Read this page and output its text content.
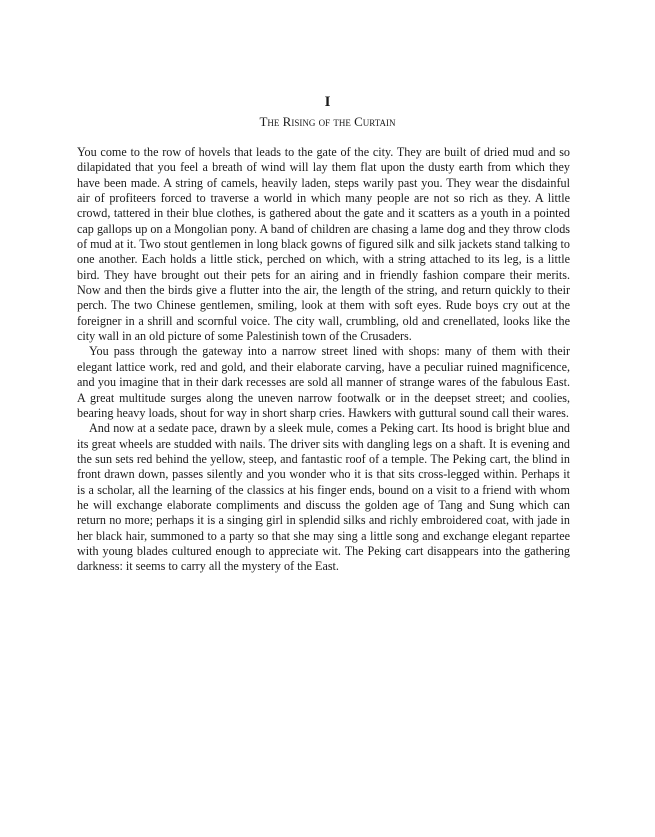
I
The Rising of the Curtain

You come to the row of hovels that leads to the gate of the city. They are built of dried mud and so dilapidated that you feel a breath of wind will lay them flat upon the dusty earth from which they have been made. A string of camels, heavily laden, steps warily past you. They wear the disdainful air of profiteers forced to traverse a world in which many people are not so rich as they. A little crowd, tattered in their blue clothes, is gathered about the gate and it scatters as a youth in a pointed cap gallops up on a Mongolian pony. A band of children are chasing a lame dog and they throw clods of mud at it. Two stout gentlemen in long black gowns of figured silk and silk jackets stand talking to one another. Each holds a little stick, perched on which, with a string attached to its leg, is a little bird. They have brought out their pets for an airing and in friendly fashion compare their merits. Now and then the birds give a flutter into the air, the length of the string, and return quickly to their perch. The two Chinese gentlemen, smiling, look at them with soft eyes. Rude boys cry out at the foreigner in a shrill and scornful voice. The city wall, crumbling, old and crenellated, looks like the city wall in an old picture of some Palestinish town of the Crusaders.

You pass through the gateway into a narrow street lined with shops: many of them with their elegant lattice work, red and gold, and their elaborate carving, have a peculiar ruined magnificence, and you imagine that in their dark recesses are sold all manner of strange wares of the fabulous East. A great multitude surges along the uneven narrow footwalk or in the deepset street; and coolies, bearing heavy loads, shout for way in short sharp cries. Hawkers with guttural sound call their wares.

And now at a sedate pace, drawn by a sleek mule, comes a Peking cart. Its hood is bright blue and its great wheels are studded with nails. The driver sits with dangling legs on a shaft. It is evening and the sun sets red behind the yellow, steep, and fantastic roof of a temple. The Peking cart, the blind in front drawn down, passes silently and you wonder who it is that sits cross-legged within. Perhaps it is a scholar, all the learning of the classics at his finger ends, bound on a visit to a friend with whom he will exchange elaborate compliments and discuss the golden age of Tang and Sung which can return no more; perhaps it is a singing girl in splendid silks and richly embroidered coat, with jade in her black hair, summoned to a party so that she may sing a little song and exchange elegant repartee with young blades cultured enough to appreciate wit. The Peking cart disappears into the gathering darkness: it seems to carry all the mystery of the East.
